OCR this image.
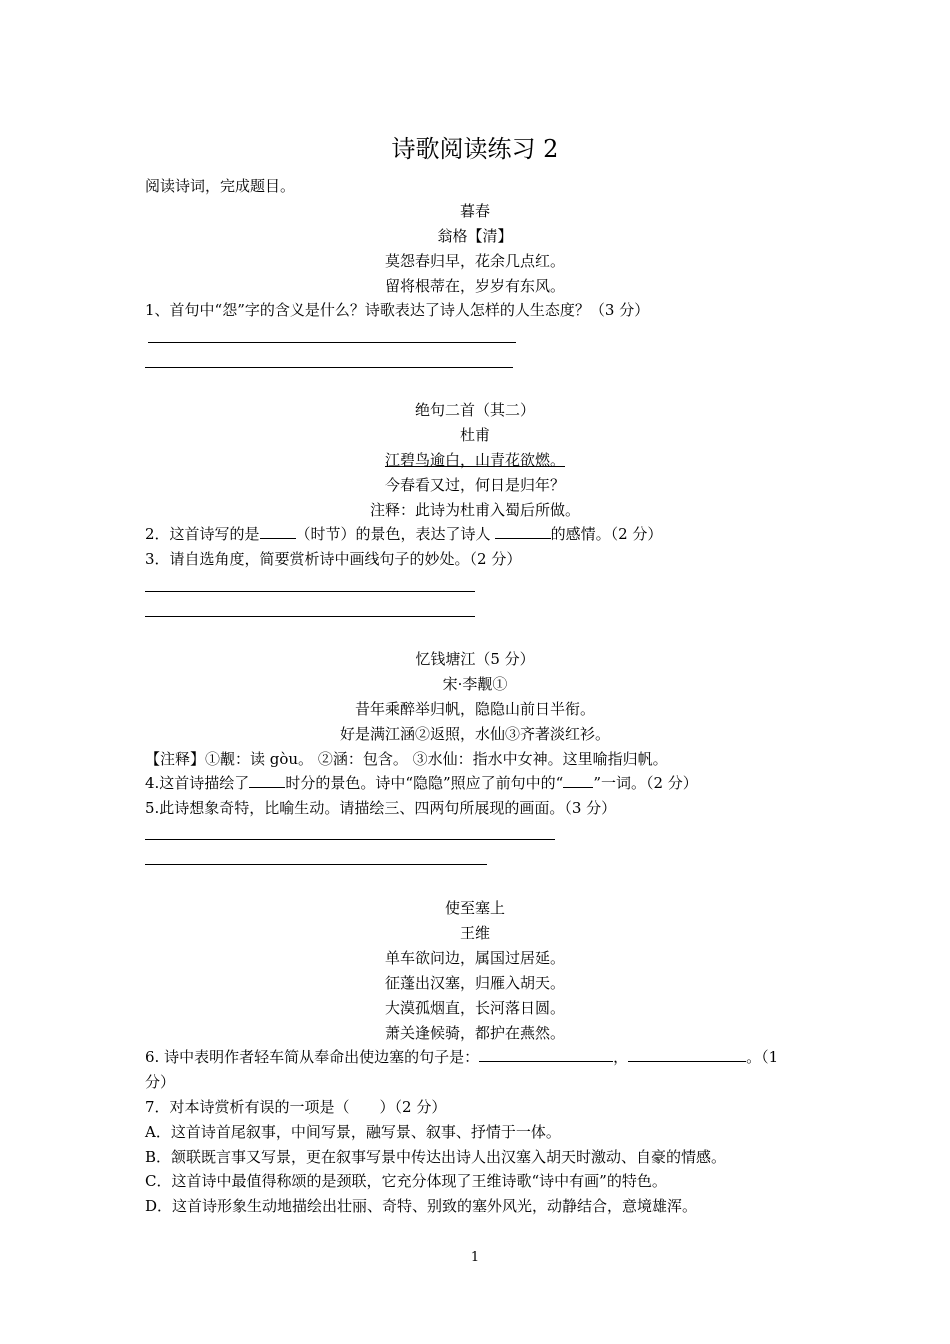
诗歌阅读练习 2
阅读诗词，完成题目。
暮春
翁格【清】
莫怨春归早，花余几点红。
留将根蒂在，岁岁有东风。
1、首句中“怨”字的含义是什么？诗歌表达了诗人怎样的人生态度？（3 分）
绝句二首（其二）
杜甫
江碧鸟逾白，山青花欲燃。
今春看又过，何日是归年？
注释：此诗为杜甫入蜀后所做。
2．这首诗写的是 （时节）的景色，表达了诗人	的感情。（2 分）
3．请自选角度，简要赏析诗中画线句子的妙处。（2 分）
忆钱塘江（5 分）
宋·李觏①
昔年乘醉举归帆，隐隐山前日半衔。
好是满江涵②返照，水仙③齐著淡红衫。
【注释】①觏：读 gòu。 ②涵：包含。 ③水仙：指水中女神。这里喻指归帆。
4.这首诗描绘了 时分的景色。诗中“隐隐”照应了前句中的“ ”一词。（2 分）
5.此诗想象奇特，比喻生动。请描绘三、四两句所展现的画面。（3 分）
使至塞上
王维
单车欲问边，属国过居延。
征蓬出汉塞，归雁入胡天。
大漠孤烟直，长河落日圆。
萧关逢候骑，都护在燕然。
6. 诗中表明作者轻车简从奉命出使边塞的句子是：	，	。（1
分）
7．对本诗赏析有误的一项是（　　）（2 分）
A．这首诗首尾叙事，中间写景，融写景、叙事、抒情于一体。
B．颔联既言事又写景，更在叙事写景中传达出诗人出汉塞入胡天时激动、自豪的情感。
C．这首诗中最值得称颂的是颈联，它充分体现了王维诗歌“诗中有画”的特色。
D．这首诗形象生动地描绘出壮丽、奇特、别致的塞外风光，动静结合，意境雄浑。
1
